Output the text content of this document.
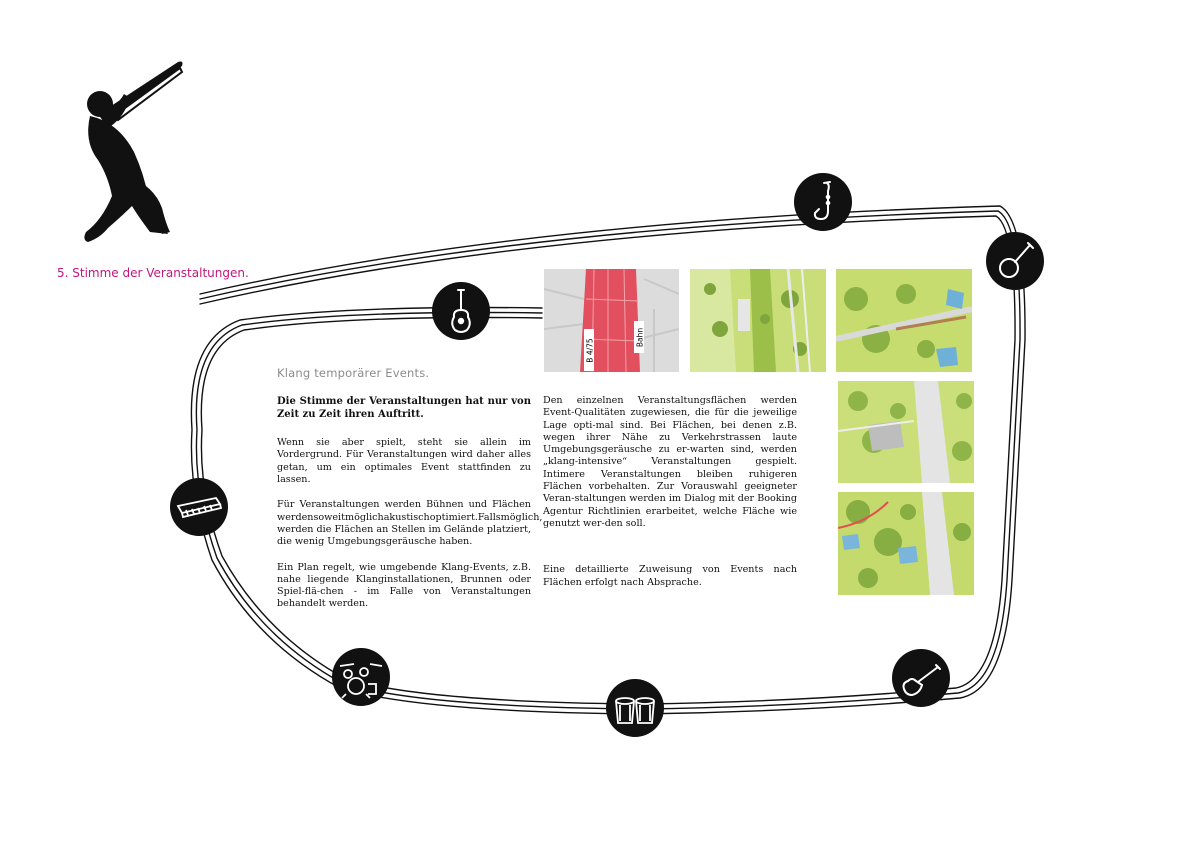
5. Stimme der Veranstaltungen.
Klang temporärer Events.

Die Stimme der Veranstaltungen hat nur von Zeit zu Zeit ihren Auftritt.

Wenn sie aber spielt, steht sie allein im Vordergrund. Für Veranstaltungen wird daher alles getan, um ein optimales Event stattfinden zu lassen.

Für Veranstaltungen werden Bühnen und Flächen werdensoweitmöglichakustischoptimiert.Fallsmöglich, werden die Flächen an Stellen im Gelände platziert, die wenig Umgebungsgeräusche haben.

Ein Plan regelt, wie umgebende Klang-Events, z.B. nahe liegende Klanginstallationen, Brunnen oder Spiel-flä-chen - im Falle von Veranstaltungen behandelt werden.

Den einzelnen Veranstaltungsflächen werden Event-Qualitäten zugewiesen, die für die jeweilige Lage opti-mal sind. Bei Flächen, bei denen z.B. wegen ihrer Nähe zu Verkehrstrassen laute Umgebungsgeräusche zu er-warten sind, werden „klang-intensive“ Veranstaltungen gespielt. Intimere Veranstaltungen bleiben ruhigeren Flächen vorbehalten. Zur Vorauswahl geeigneter Veran-staltungen werden im Dialog mit der Booking Agentur Richtlinien erarbeitet, welche Fläche wie genutzt wer-den soll.

Eine detaillierte Zuweisung von Events nach Flächen erfolgt nach Absprache.

B 4/75
Bahn
